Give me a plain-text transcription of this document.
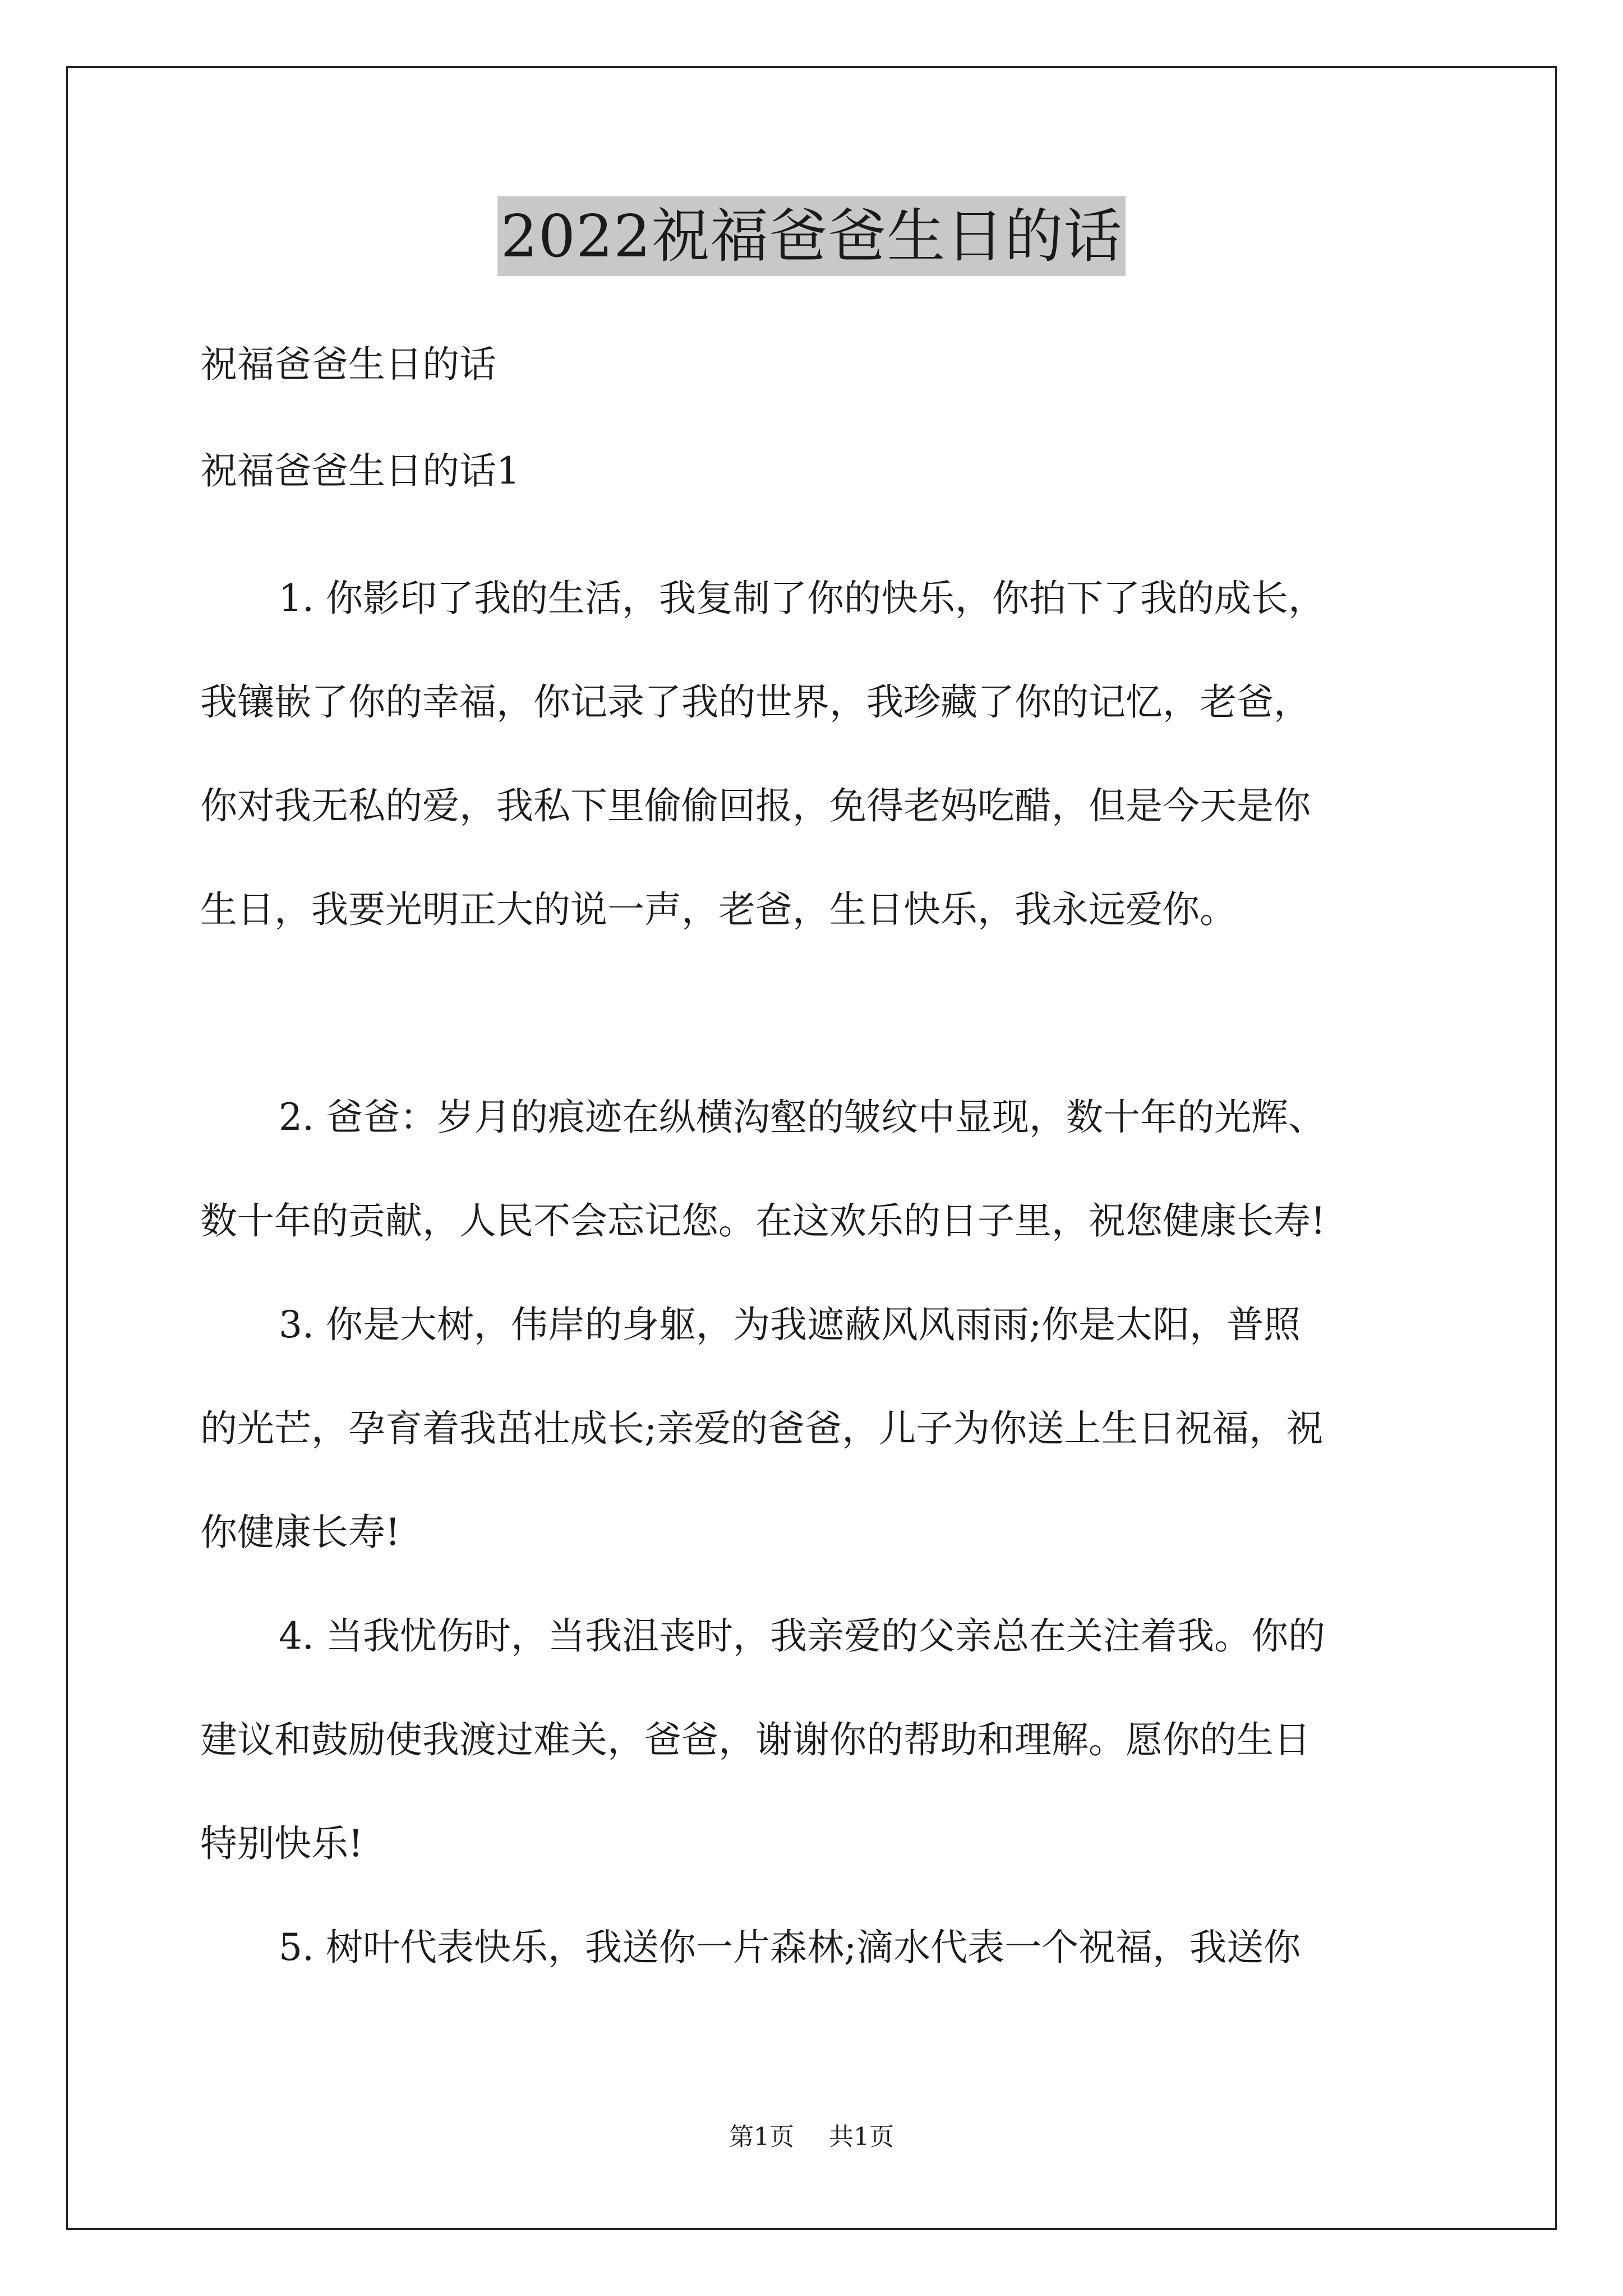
2022祝福爸爸生日的话

祝福爸爸生日的话

祝福爸爸生日的话1

1. 你影印了我的生活，我复制了你的快乐，你拍下了我的成长，
我镶嵌了你的幸福，你记录了我的世界，我珍藏了你的记忆，老爸，
你对我无私的爱，我私下里偷偷回报，免得老妈吃醋，但是今天是你
生日，我要光明正大的说一声，老爸，生日快乐，我永远爱你。
2. 爸爸：岁月的痕迹在纵横沟壑的皱纹中显现，数十年的光辉、
数十年的贡献，人民不会忘记您。在这欢乐的日子里，祝您健康长寿!
3. 你是大树，伟岸的身躯，为我遮蔽风风雨雨;你是太阳，普照
的光芒，孕育着我茁壮成长;亲爱的爸爸，儿子为你送上生日祝福，祝
你健康长寿!
4. 当我忧伤时，当我沮丧时，我亲爱的父亲总在关注着我。你的
建议和鼓励使我渡过难关，爸爸，谢谢你的帮助和理解。愿你的生日
特别快乐!
5. 树叶代表快乐，我送你一片森林;滴水代表一个祝福，我送你
第1页 共1页
